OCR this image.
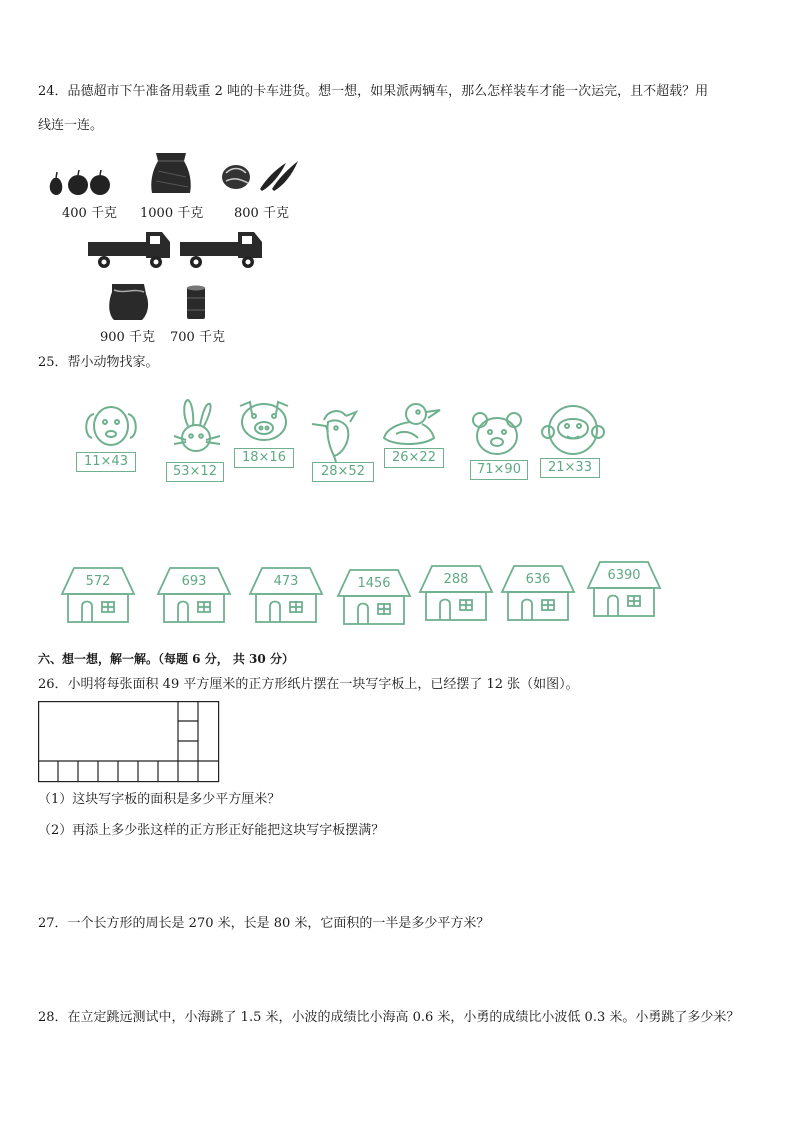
24．品德超市下午准备用载重 2 吨的卡车进货。想一想，如果派两辆车，那么怎样装车才能一次运完，且不超载？用
线连一连。
400 千克 1000 千克 800 千克
900 千克 700 千克
25．帮小动物找家。
11×43
53×12
18×16
28×52
26×22
71×90	21×33
572	693	473	1456	288	636	6390
六、想一想，解一解。（每题 6 分， 共 30 分）
26．小明将每张面积 49 平方厘米的正方形纸片摆在一块写字板上，已经摆了 12 张（如图）。
（1）这块写字板的面积是多少平方厘米？
（2）再添上多少张这样的正方形正好能把这块写字板摆满？
27．一个长方形的周长是 270 米，长是 80 米，它面积的一半是多少平方米？
28．在立定跳远测试中，小海跳了 1.5 米，小波的成绩比小海高 0.6 米，小勇的成绩比小波低 0.3 米。小勇跳了多少米？
